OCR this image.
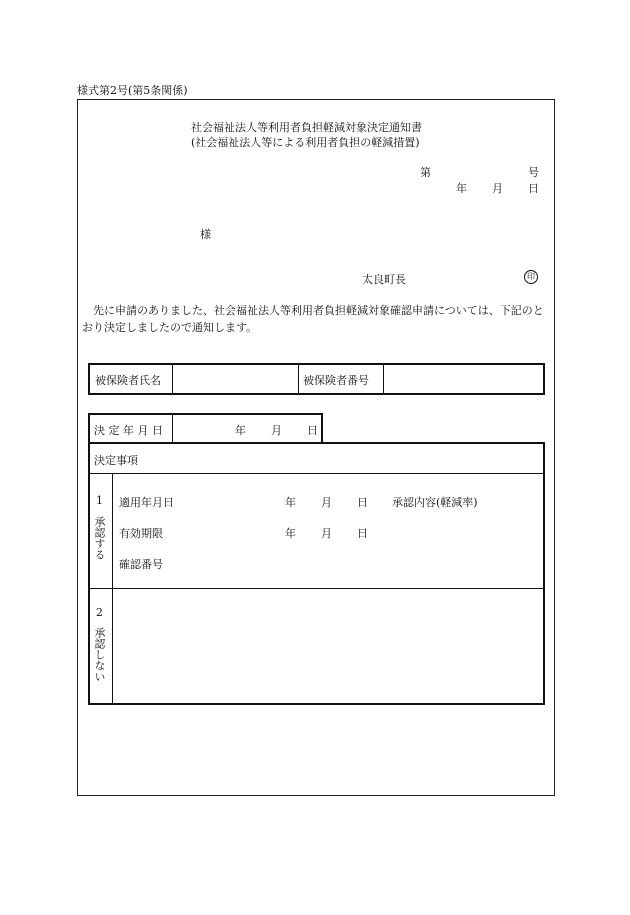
様式第2号(第5条関係)
社会福祉法人等利用者負担軽減対象決定通知書
(社会福祉法人等による利用者負担の軽減措置)
第	号
年 月 日
様
太良町長	印
先に申請のありました、社会福祉法人等利用者負担軽減対象確認申請については、下記のとおり決定しましたので通知します。
被保険者氏名	被保険者番号
決 定 年 月 日	年 月 日
決定事項
1
承認する
適用年月日	年 月 日 承認内容(軽減率)
有効期限	年 月 日
確認番号
2
承認しない
